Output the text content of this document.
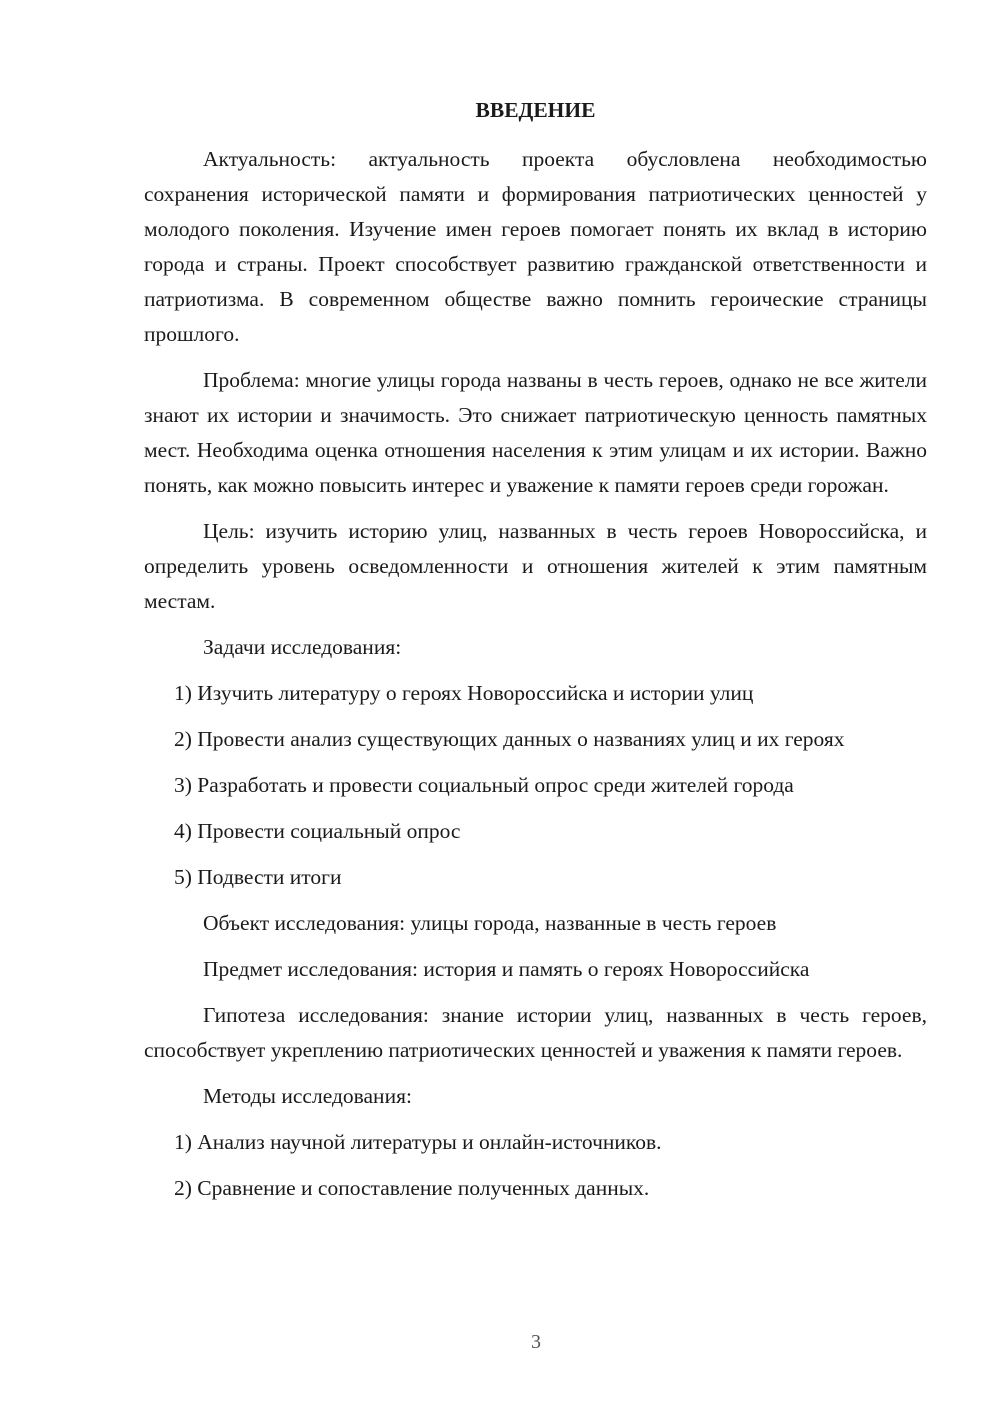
ВВЕДЕНИЕ

Актуальность: актуальность проекта обусловлена необходимостью сохранения исторической памяти и формирования патриотических ценностей у молодого поколения. Изучение имен героев помогает понять их вклад в историю города и страны. Проект способствует развитию гражданской ответственности и патриотизма. В современном обществе важно помнить героические страницы прошлого.

Проблема: многие улицы города названы в честь героев, однако не все жители знают их истории и значимость. Это снижает патриотическую ценность памятных мест. Необходима оценка отношения населения к этим улицам и их истории. Важно понять, как можно повысить интерес и уважение к памяти героев среди горожан.

Цель: изучить историю улиц, названных в честь героев Новороссийска, и определить уровень осведомленности и отношения жителей к этим памятным местам.

Задачи исследования:

1) Изучить литературу о героях Новороссийска и истории улиц

2) Провести анализ существующих данных о названиях улиц и их героях

3) Разработать и провести социальный опрос среди жителей города

4) Провести социальный опрос

5) Подвести итоги

Объект исследования: улицы города, названные в честь героев

Предмет исследования: история и память о героях Новороссийска

Гипотеза исследования: знание истории улиц, названных в честь героев, способствует укреплению патриотических ценностей и уважения к памяти героев.

Методы исследования:

1) Анализ научной литературы и онлайн-источников.

2) Сравнение и сопоставление полученных данных.

3
